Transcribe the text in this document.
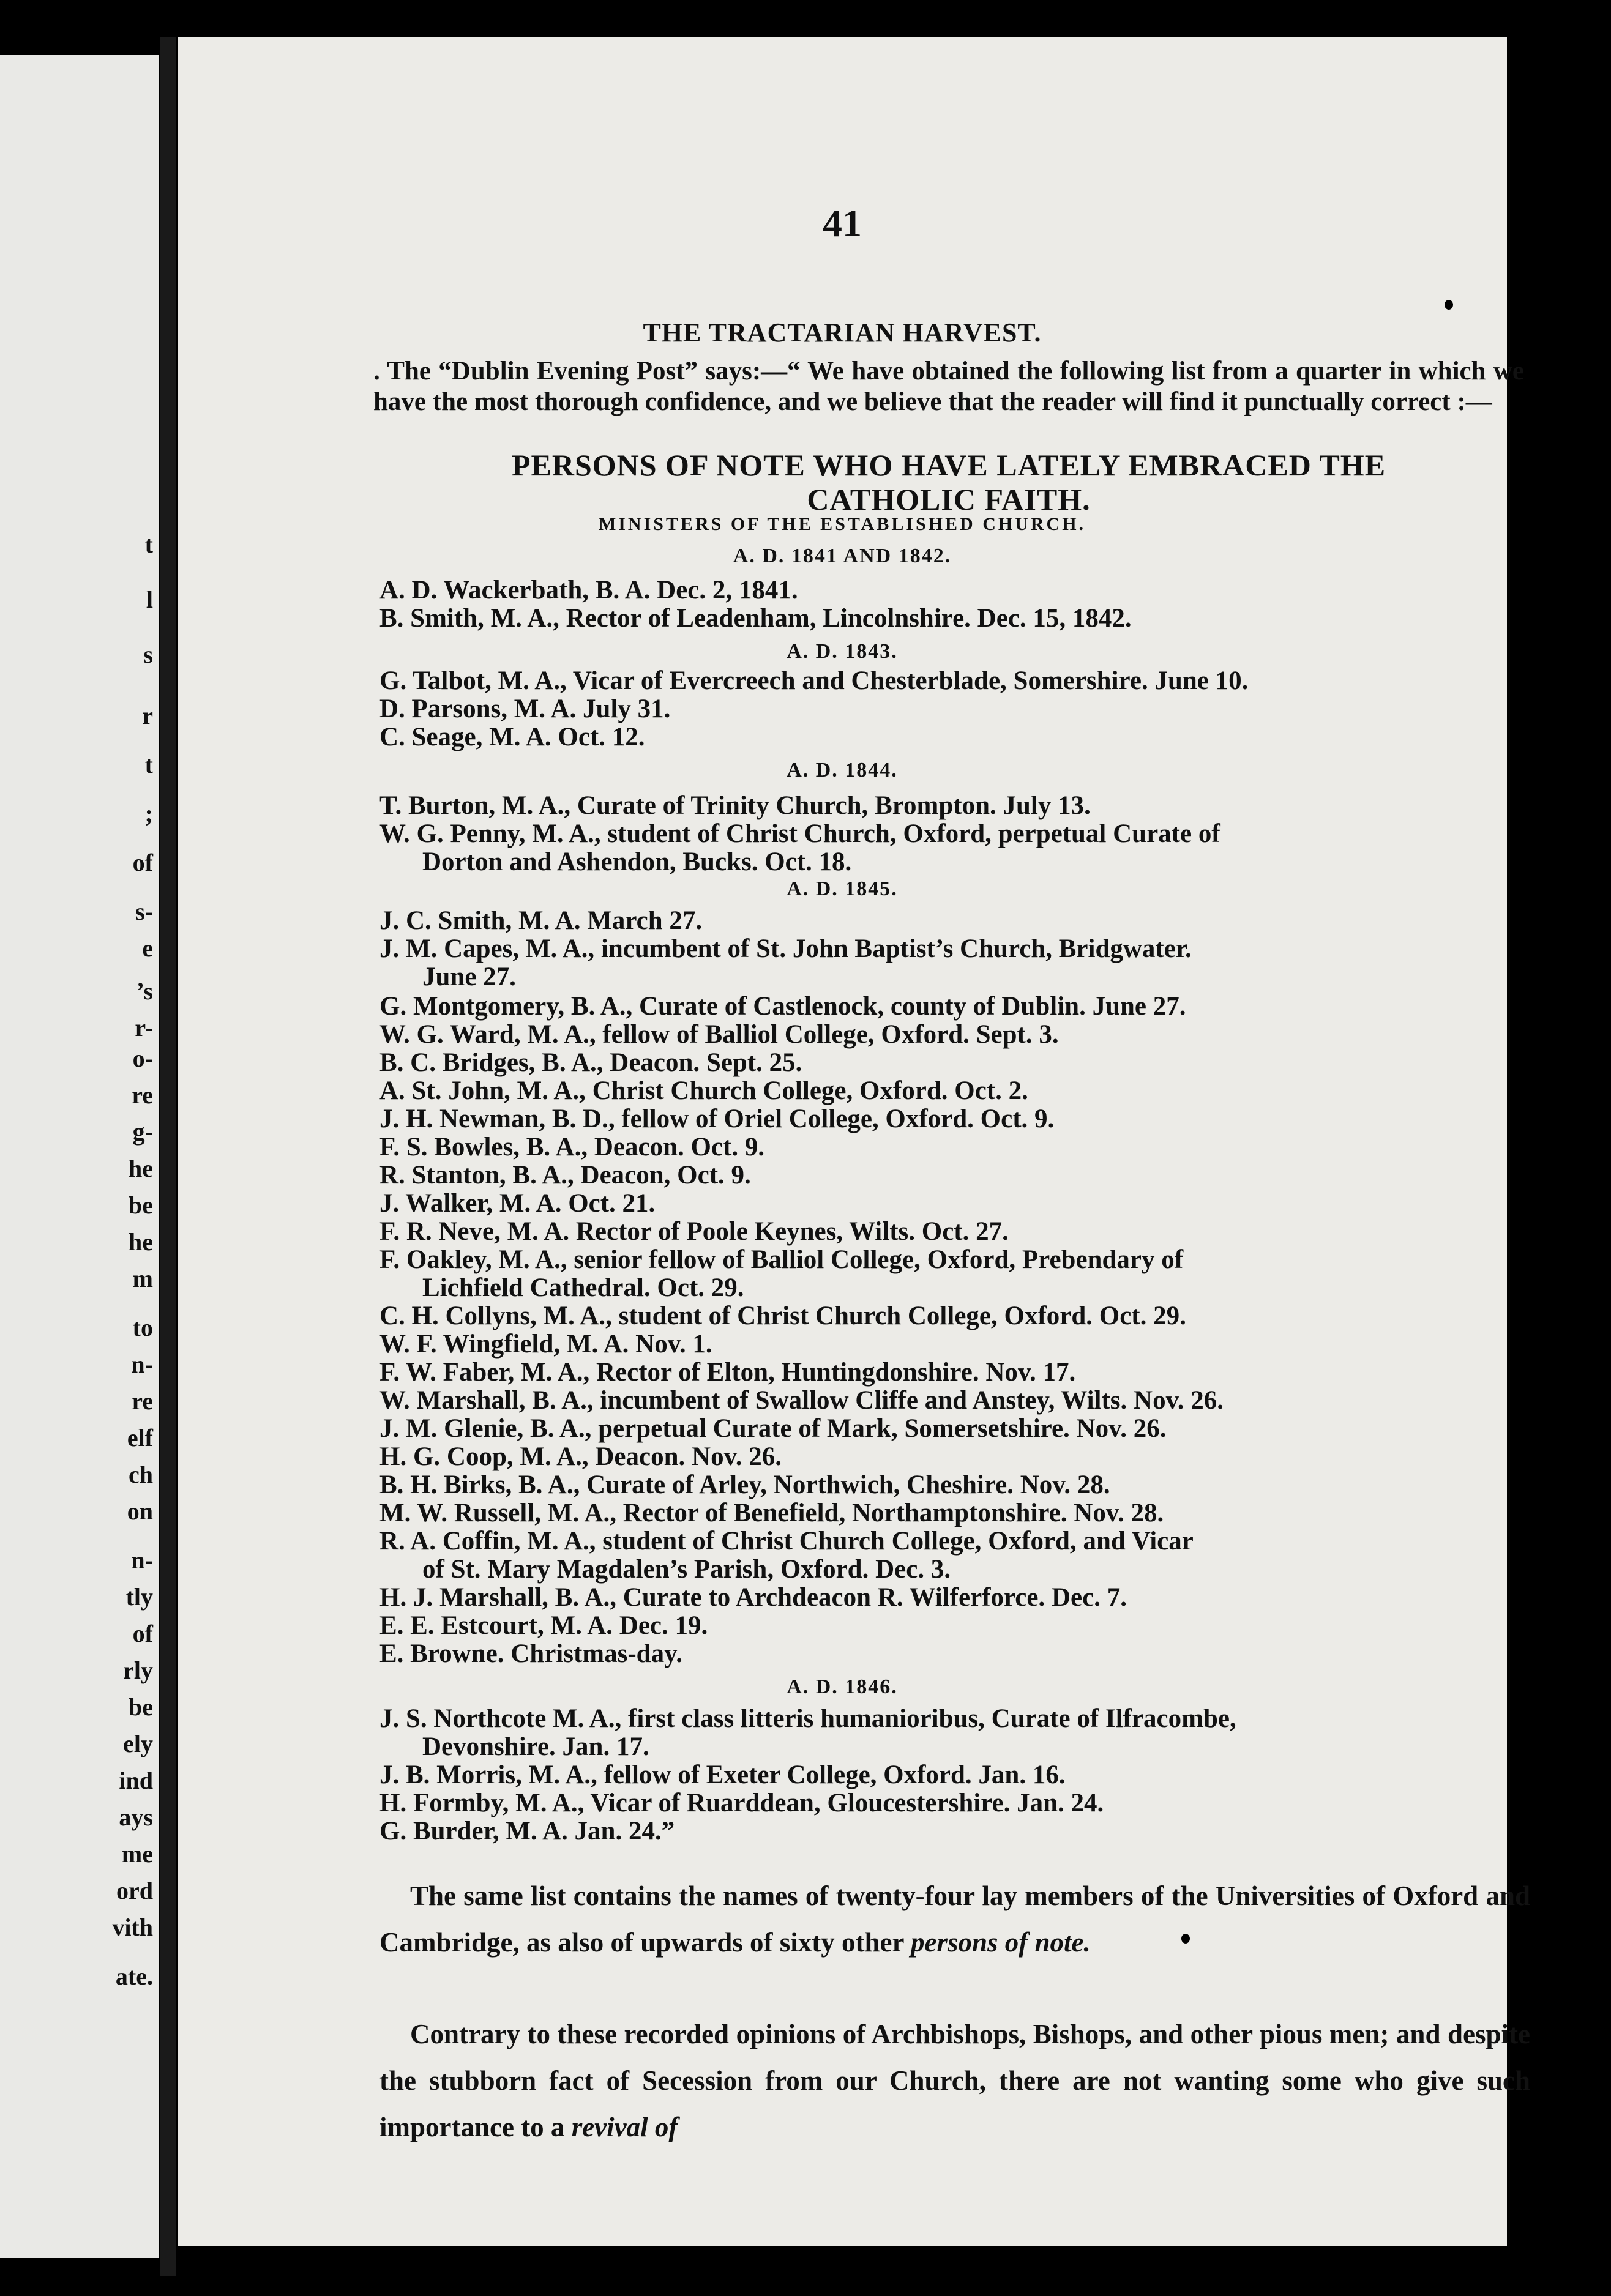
t
l
s
r
t
;
of
s-
e
’s
r-
o-
re
g-
he
be
he
m
to
n-
re
elf
ch
on
n-
tly
of
rly
be
ely
ind
ays
me
ord
vith
ate.
41
THE TRACTARIAN HARVEST.
. The “Dublin Evening Post” says:—“ We have obtained the following list from a quarter in which we have the most thorough confidence, and we believe that the reader will find it punctually correct :—
PERSONS OF NOTE WHO HAVE LATELY EMBRACED THE
CATHOLIC FAITH.
MINISTERS OF THE ESTABLISHED CHURCH.
A. D. 1841 AND 1842.
A. D. Wackerbath, B. A. Dec. 2, 1841.
B. Smith, M. A., Rector of Leadenham, Lincolnshire. Dec. 15, 1842.
A. D. 1843.
G. Talbot, M. A., Vicar of Evercreech and Chesterblade, Somershire. June 10.
D. Parsons, M. A. July 31.
C. Seage, M. A. Oct. 12.
A. D. 1844.
T. Burton, M. A., Curate of Trinity Church, Brompton. July 13.
W. G. Penny, M. A., student of Christ Church, Oxford, perpetual Curate of
Dorton and Ashendon, Bucks. Oct. 18.
A. D. 1845.
J. C. Smith, M. A. March 27.
J. M. Capes, M. A., incumbent of St. John Baptist’s Church, Bridgwater.
June 27.
G. Montgomery, B. A., Curate of Castlenock, county of Dublin. June 27.
W. G. Ward, M. A., fellow of Balliol College, Oxford. Sept. 3.
B. C. Bridges, B. A., Deacon. Sept. 25.
A. St. John, M. A., Christ Church College, Oxford. Oct. 2.
J. H. Newman, B. D., fellow of Oriel College, Oxford. Oct. 9.
F. S. Bowles, B. A., Deacon. Oct. 9.
R. Stanton, B. A., Deacon, Oct. 9.
J. Walker, M. A. Oct. 21.
F. R. Neve, M. A. Rector of Poole Keynes, Wilts. Oct. 27.
F. Oakley, M. A., senior fellow of Balliol College, Oxford, Prebendary of
Lichfield Cathedral. Oct. 29.
C. H. Collyns, M. A., student of Christ Church College, Oxford. Oct. 29.
W. F. Wingfield, M. A. Nov. 1.
F. W. Faber, M. A., Rector of Elton, Huntingdonshire. Nov. 17.
W. Marshall, B. A., incumbent of Swallow Cliffe and Anstey, Wilts. Nov. 26.
J. M. Glenie, B. A., perpetual Curate of Mark, Somersetshire. Nov. 26.
H. G. Coop, M. A., Deacon. Nov. 26.
B. H. Birks, B. A., Curate of Arley, Northwich, Cheshire. Nov. 28.
M. W. Russell, M. A., Rector of Benefield, Northamptonshire. Nov. 28.
R. A. Coffin, M. A., student of Christ Church College, Oxford, and Vicar
of St. Mary Magdalen’s Parish, Oxford. Dec. 3.
H. J. Marshall, B. A., Curate to Archdeacon R. Wilferforce. Dec. 7.
E. E. Estcourt, M. A. Dec. 19.
E. Browne. Christmas-day.
A. D. 1846.
J. S. Northcote M. A., first class litteris humanioribus, Curate of Ilfracombe,
Devonshire. Jan. 17.
J. B. Morris, M. A., fellow of Exeter College, Oxford. Jan. 16.
H. Formby, M. A., Vicar of Ruarddean, Gloucestershire. Jan. 24.
G. Burder, M. A. Jan. 24.”
The same list contains the names of twenty-four lay members of the Universities of Oxford and Cambridge, as also of upwards of sixty other persons of note.
Contrary to these recorded opinions of Archbishops, Bishops, and other pious men; and despite the stubborn fact of Secession from our Church, there are not wanting some who give such importance to a revival of
